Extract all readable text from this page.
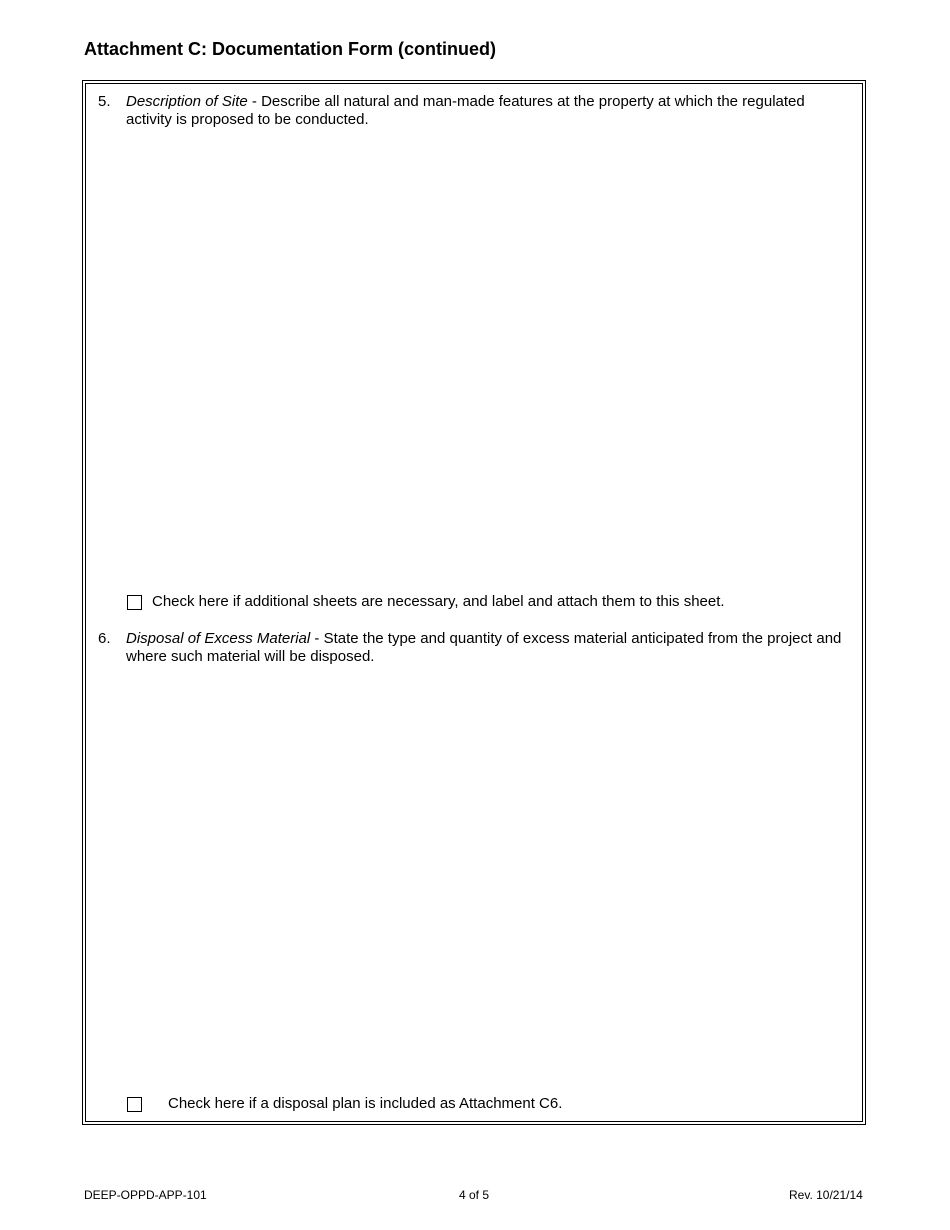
Attachment C: Documentation Form (continued)
5. Description of Site - Describe all natural and man-made features at the property at which the regulated activity is proposed to be conducted.
Check here if additional sheets are necessary, and label and attach them to this sheet.
6. Disposal of Excess Material - State the type and quantity of excess material anticipated from the project and where such material will be disposed.
Check here if a disposal plan is included as Attachment C6.
DEEP-OPPD-APP-101	4 of 5	Rev. 10/21/14
